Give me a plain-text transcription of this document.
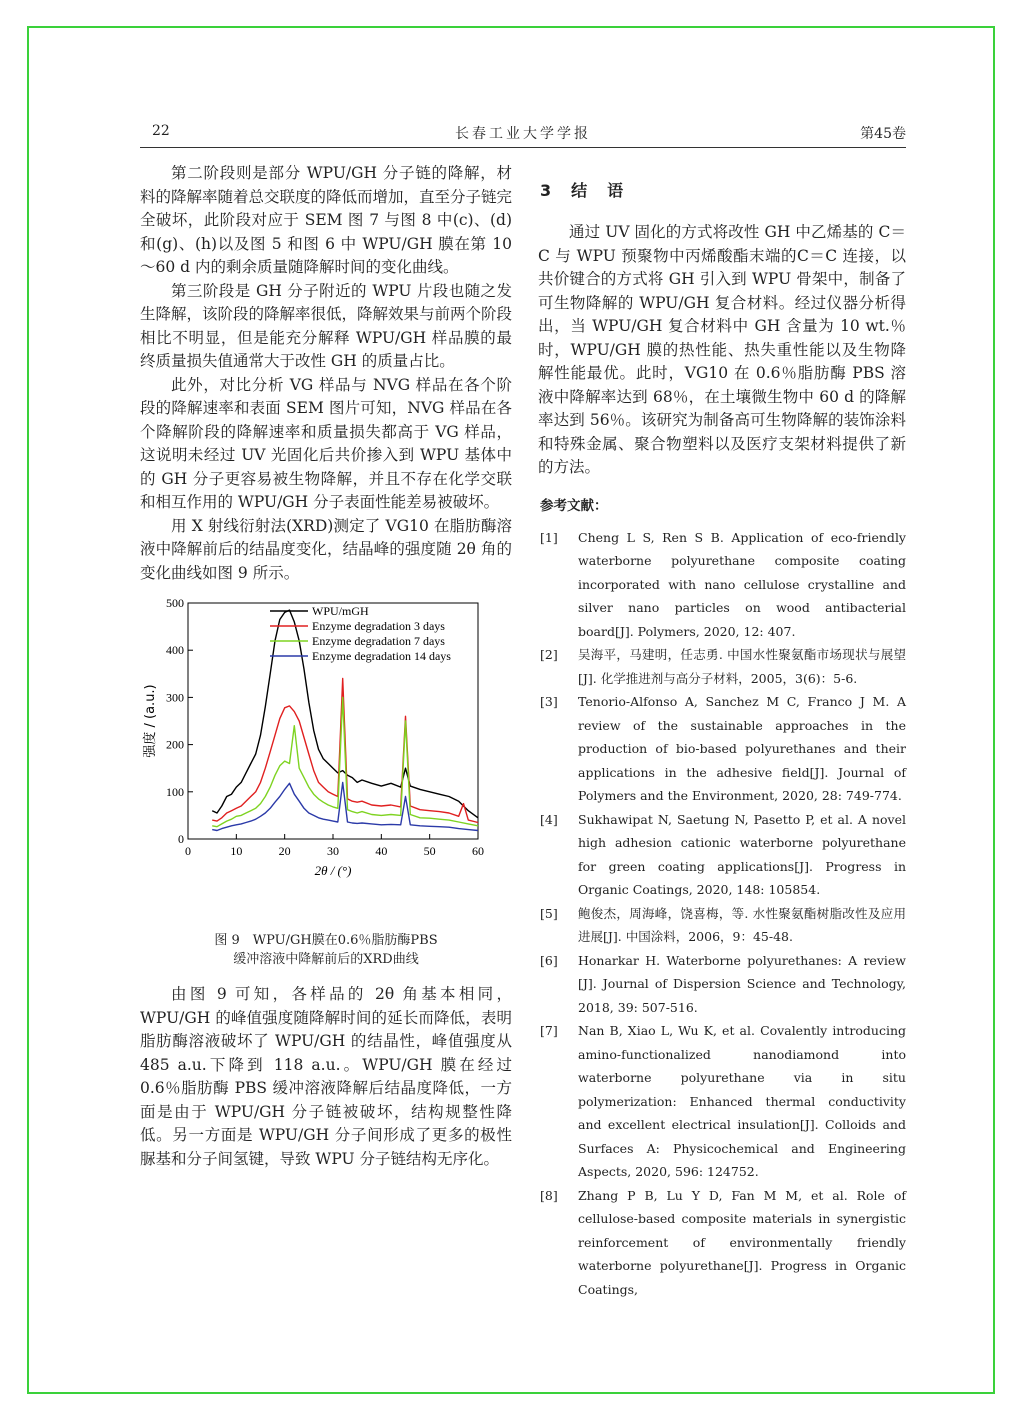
22	长春工业大学学报	第45卷

第二阶段则是部分 WPU/GH 分子链的降解，材料的降解率随着总交联度的降低而增加，直至分子链完全破坏，此阶段对应于 SEM 图 7 与图 8 中(c)、(d)和(g)、(h)以及图 5 和图 6 中 WPU/GH 膜在第 10～60 d 内的剩余质量随降解时间的变化曲线。

第三阶段是 GH 分子附近的 WPU 片段也随之发生降解，该阶段的降解率很低，降解效果与前两个阶段相比不明显，但是能充分解释 WPU/GH 样品膜的最终质量损失值通常大于改性 GH 的质量占比。

此外，对比分析 VG 样品与 NVG 样品在各个阶段的降解速率和表面 SEM 图片可知，NVG 样品在各个降解阶段的降解速率和质量损失都高于 VG 样品，这说明未经过 UV 光固化后共价掺入到 WPU 基体中的 GH 分子更容易被生物降解，并且不存在化学交联和相互作用的 WPU/GH 分子表面性能差易被破坏。

用 X 射线衍射法(XRD)测定了 VG10 在脂肪酶溶液中降解前后的结晶度变化，结晶峰的强度随 2θ 角的变化曲线如图 9 所示。

0	10	20	30	40	50	60
0
100
200
300
400
500
2θ / (°)
强度 / (a.u.)
WPU/mGH
Enzyme degradation 3 days
Enzyme degradation 7 days
Enzyme degradation 14 days
图 9　WPU/GH膜在0.6％脂肪酶PBS
缓冲溶液中降解前后的XRD曲线

由图 9 可知，各样品的 2θ 角基本相同，WPU/GH 的峰值强度随降解时间的延长而降低，表明脂肪酶溶液破坏了 WPU/GH 的结晶性，峰值强度从 485 a.u.下降到 118 a.u.。WPU/GH 膜在经过 0.6％脂肪酶 PBS 缓冲溶液降解后结晶度降低，一方面是由于 WPU/GH 分子链被破坏，结构规整性降低。另一方面是 WPU/GH 分子间形成了更多的极性脲基和分子间氢键，导致 WPU 分子链结构无序化。

3　结　语

通过 UV 固化的方式将改性 GH 中乙烯基的 C＝C 与 WPU 预聚物中丙烯酸酯末端的C＝C 连接，以共价键合的方式将 GH 引入到 WPU 骨架中，制备了可生物降解的 WPU/GH 复合材料。经过仪器分析得出，当 WPU/GH 复合材料中 GH 含量为 10 wt.％时，WPU/GH 膜的热性能、热失重性能以及生物降解性能最优。此时，VG10 在 0.6％脂肪酶 PBS 溶液中降解率达到 68％，在土壤微生物中 60 d 的降解率达到 56％。该研究为制备高可生物降解的装饰涂料和特殊金属、聚合物塑料以及医疗支架材料提供了新的方法。

参考文献：
[1] Cheng L S, Ren S B. Application of eco-friendly waterborne polyurethane composite coating incorporated with nano cellulose crystalline and silver nano particles on wood antibacterial board[J]. Polymers, 2020, 12: 407.
[2] 吴海平，马建明，任志勇. 中国水性聚氨酯市场现状与展望[J]. 化学推进剂与高分子材料，2005，3(6)：5-6.
[3] Tenorio-Alfonso A, Sanchez M C, Franco J M. A review of the sustainable approaches in the production of bio-based polyurethanes and their applications in the adhesive field[J]. Journal of Polymers and the Environment, 2020, 28: 749-774.
[4] Sukhawipat N, Saetung N, Pasetto P, et al. A novel high adhesion cationic waterborne polyurethane for green coating applications[J]. Progress in Organic Coatings, 2020, 148: 105854.
[5] 鲍俊杰，周海峰，饶喜梅，等. 水性聚氨酯树脂改性及应用进展[J]. 中国涂料，2006，9：45-48.
[6] Honarkar H. Waterborne polyurethanes: A review [J]. Journal of Dispersion Science and Technology, 2018, 39: 507-516.
[7] Nan B, Xiao L, Wu K, et al. Covalently introducing amino-functionalized nanodiamond into waterborne polyurethane via in situ polymerization: Enhanced thermal conductivity and excellent electrical insulation[J]. Colloids and Surfaces A: Physicochemical and Engineering Aspects, 2020, 596: 124752.
[8] Zhang P B, Lu Y D, Fan M M, et al. Role of cellulose-based composite materials in synergistic reinforcement of environmentally friendly waterborne polyurethane[J]. Progress in Organic Coatings,
